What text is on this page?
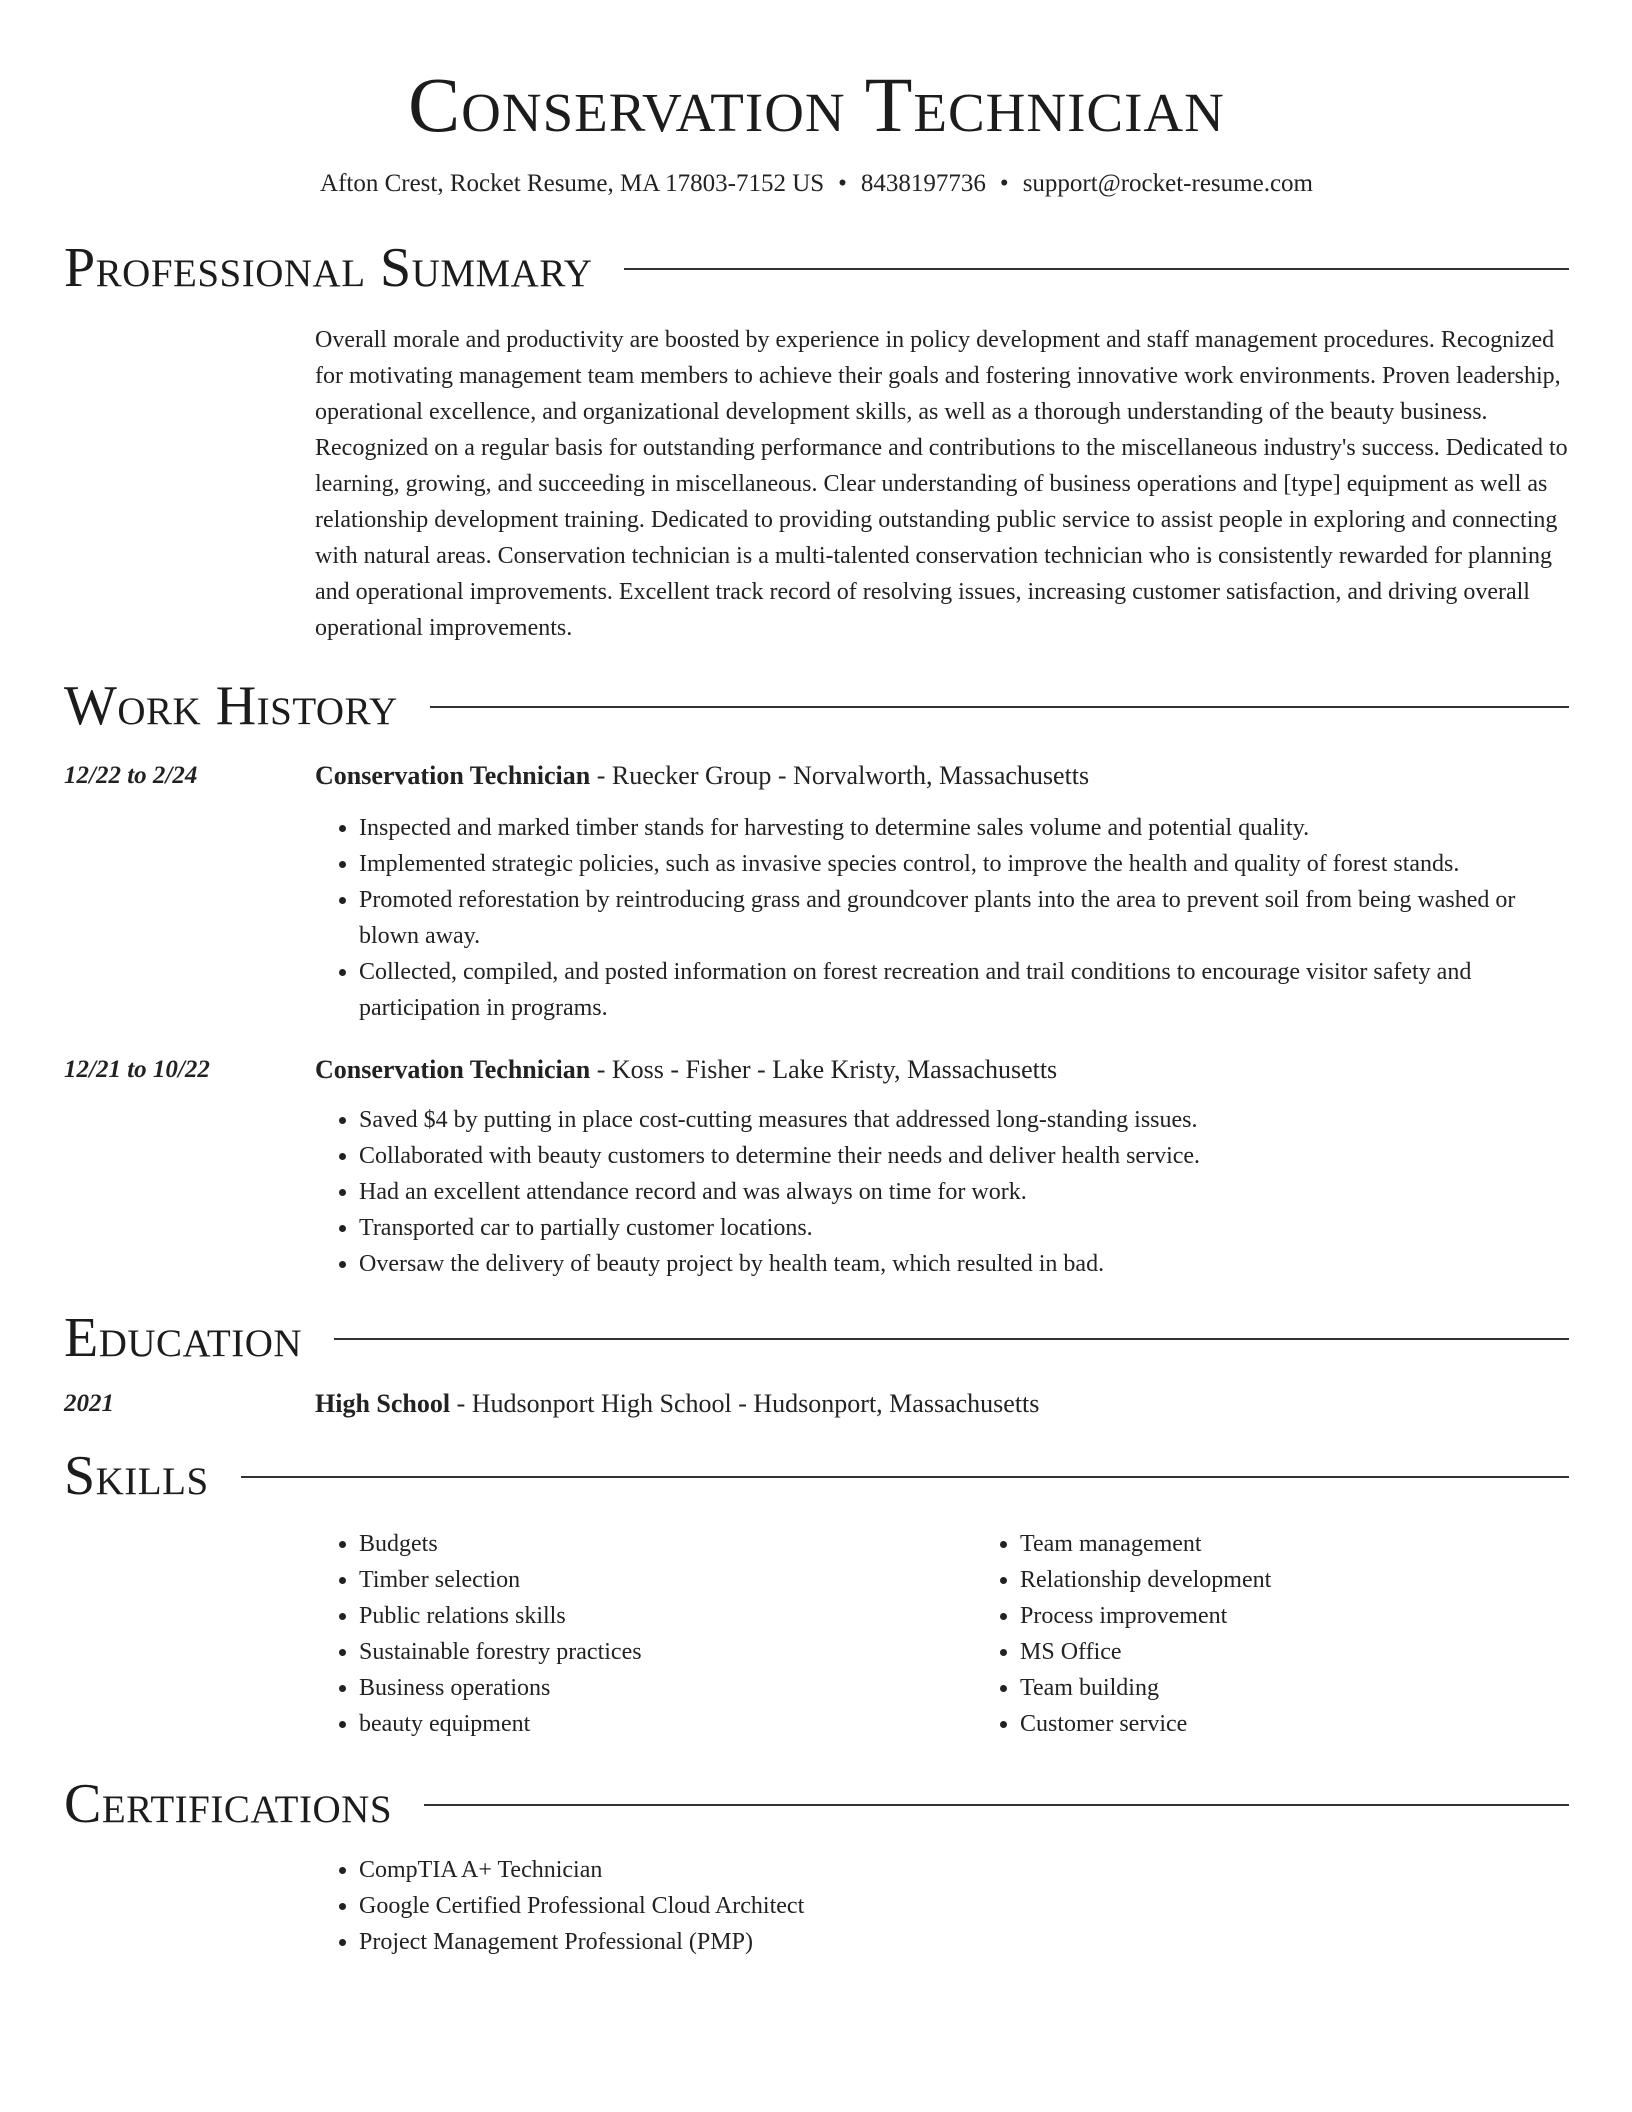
Conservation Technician
Afton Crest, Rocket Resume, MA 17803-7152 US • 8438197736 • support@rocket-resume.com
Professional Summary
Overall morale and productivity are boosted by experience in policy development and staff management procedures. Recognized for motivating management team members to achieve their goals and fostering innovative work environments. Proven leadership, operational excellence, and organizational development skills, as well as a thorough understanding of the beauty business. Recognized on a regular basis for outstanding performance and contributions to the miscellaneous industry's success. Dedicated to learning, growing, and succeeding in miscellaneous. Clear understanding of business operations and [type] equipment as well as relationship development training. Dedicated to providing outstanding public service to assist people in exploring and connecting with natural areas. Conservation technician is a multi-talented conservation technician who is consistently rewarded for planning and operational improvements. Excellent track record of resolving issues, increasing customer satisfaction, and driving overall operational improvements.
Work History
12/22 to 2/24	Conservation Technician - Ruecker Group - Norvalworth, Massachusetts
• Inspected and marked timber stands for harvesting to determine sales volume and potential quality.
• Implemented strategic policies, such as invasive species control, to improve the health and quality of forest stands.
• Promoted reforestation by reintroducing grass and groundcover plants into the area to prevent soil from being washed or blown away.
• Collected, compiled, and posted information on forest recreation and trail conditions to encourage visitor safety and participation in programs.
12/21 to 10/22	Conservation Technician - Koss - Fisher - Lake Kristy, Massachusetts
• Saved $4 by putting in place cost-cutting measures that addressed long-standing issues.
• Collaborated with beauty customers to determine their needs and deliver health service.
• Had an excellent attendance record and was always on time for work.
• Transported car to partially customer locations.
• Oversaw the delivery of beauty project by health team, which resulted in bad.
Education
2021	High School - Hudsonport High School - Hudsonport, Massachusetts
Skills
• Budgets
• Timber selection
• Public relations skills
• Sustainable forestry practices
• Business operations
• beauty equipment
• Team management
• Relationship development
• Process improvement
• MS Office
• Team building
• Customer service
Certifications
• CompTIA A+ Technician
• Google Certified Professional Cloud Architect
• Project Management Professional (PMP)
